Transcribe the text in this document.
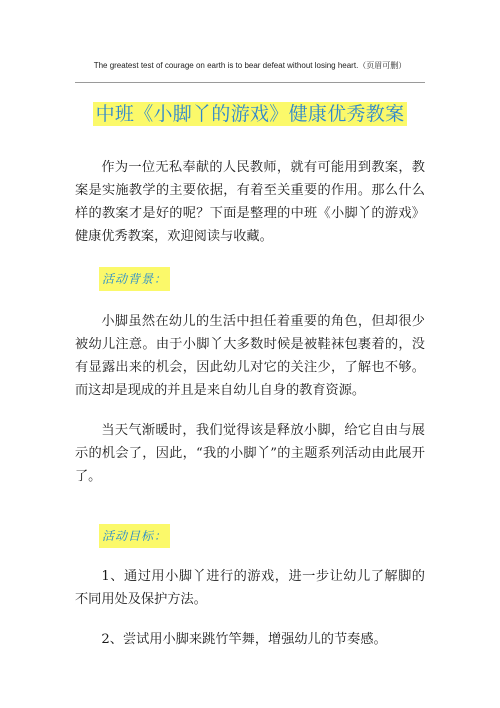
The greatest test of courage on earth is to bear defeat without losing heart.（页眉可删）
中班《小脚丫的游戏》健康优秀教案

作为一位无私奉献的人民教师，就有可能用到教案，教案是实施教学的主要依据，有着至关重要的作用。那么什么样的教案才是好的呢？下面是整理的中班《小脚丫的游戏》健康优秀教案，欢迎阅读与收藏。

活动背景：

小脚虽然在幼儿的生活中担任着重要的角色，但却很少被幼儿注意。由于小脚丫大多数时候是被鞋袜包裹着的，没有显露出来的机会，因此幼儿对它的关注少，了解也不够。而这却是现成的并且是来自幼儿自身的教育资源。

当天气渐暖时，我们觉得该是释放小脚，给它自由与展示的机会了，因此，“我的小脚丫”的主题系列活动由此展开了。

活动目标：

1、通过用小脚丫进行的游戏，进一步让幼儿了解脚的不同用处及保护方法。

2、尝试用小脚来跳竹竿舞，增强幼儿的节奏感。
